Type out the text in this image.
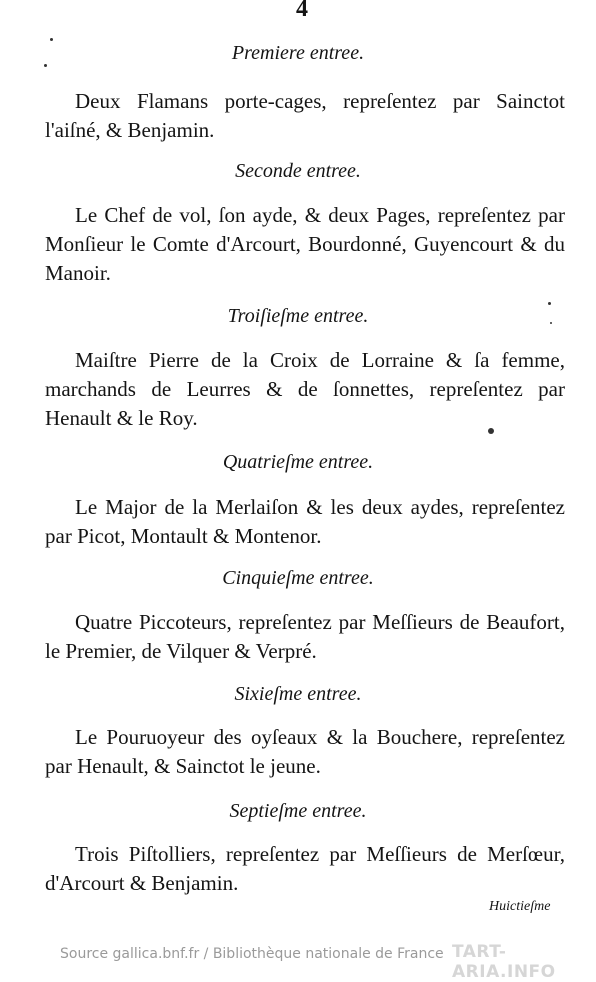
4
Premiere entree.
Deux Flamans porte-cages, repreſentez par Sainctot l'aiſné, & Benjamin.
Seconde entree.
Le Chef de vol, ſon ayde, & deux Pages, repreſentez par Monſieur le Comte d'Arcourt, Bourdonné, Guyencourt & du Manoir.
Troiſieſme entree.
Maiſtre Pierre de la Croix de Lorraine & ſa femme, marchands de Leurres & de ſonnettes, repreſentez par Henault & le Roy.
Quatrieſme entree.
Le Major de la Merlaiſon & les deux aydes, repreſentez par Picot, Montault & Montenor.
Cinquieſme entree.
Quatre Piccoteurs, repreſentez par Meſſieurs de Beaufort, le Premier, de Vilquer & Verpré.
Sixieſme entree.
Le Pouruoyeur des oyſeaux & la Bouchere, repreſentez par Henault, & Sainctot le jeune.
Septieſme entree.
Trois Piſtolliers, repreſentez par Meſſieurs de Merſœur, d'Arcourt & Benjamin.
Huictieſme
Source gallica.bnf.fr / Bibliothèque nationale de France TART-ARIA.INFO
